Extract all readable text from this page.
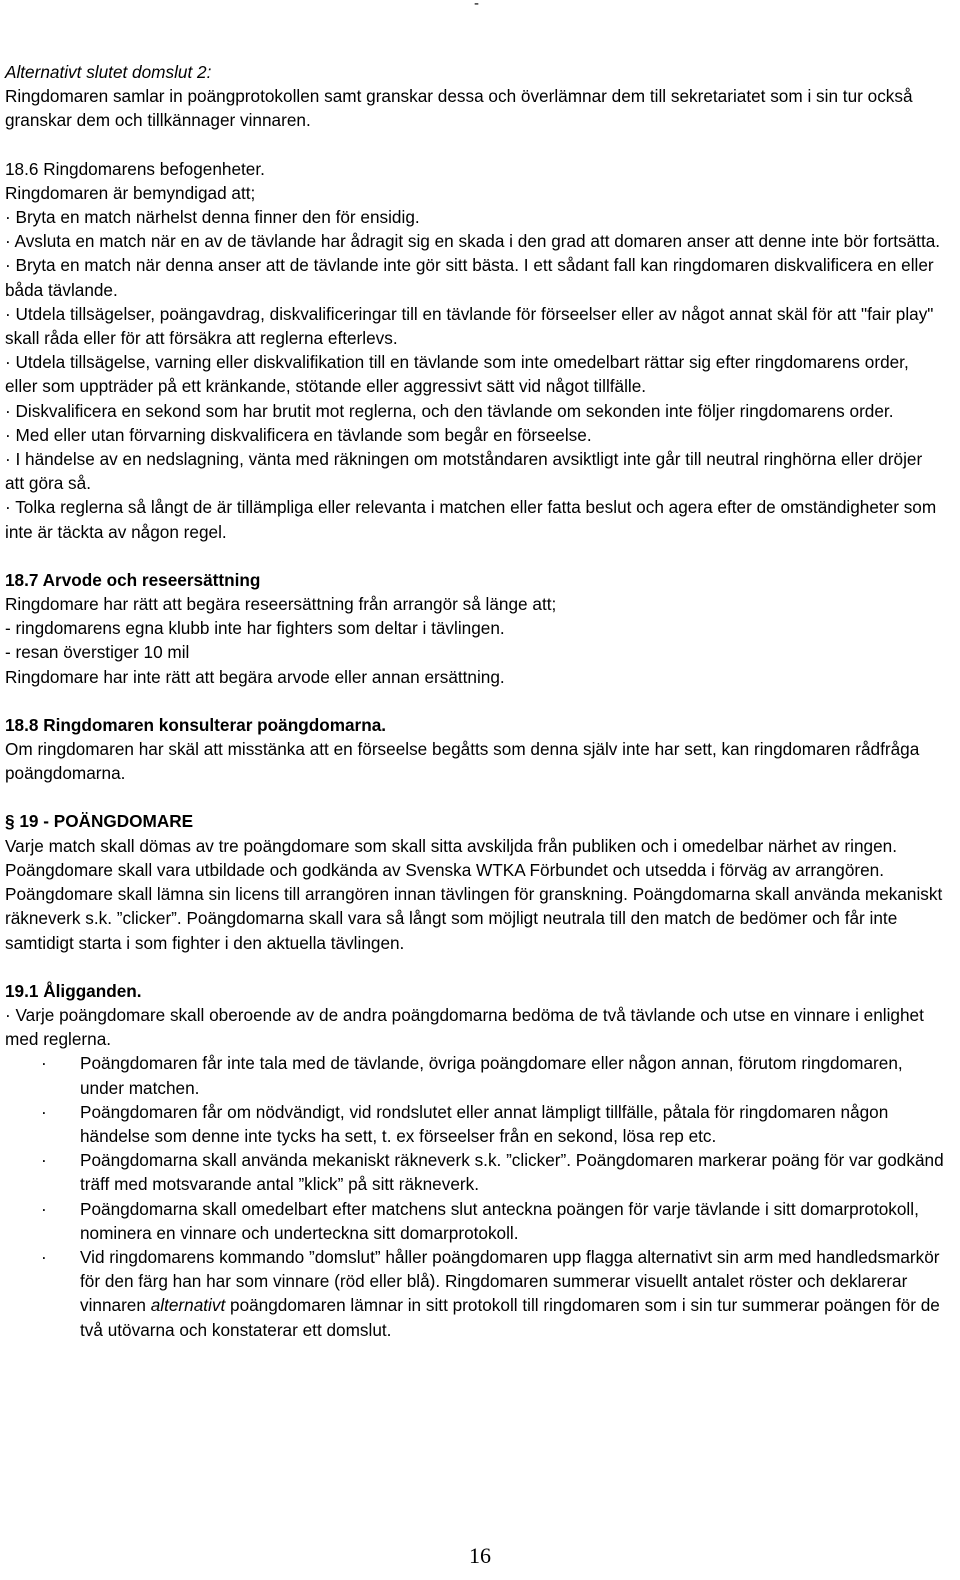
-

Alternativt slutet domslut 2:

Ringdomaren samlar in poängprotokollen samt granskar dessa och överlämnar dem till sekretariatet som i sin tur också granskar dem och tillkännager vinnaren.

18.6 Ringdomarens befogenheter.

Ringdomaren är bemyndigad att;

· Bryta en match närhelst denna finner den för ensidig.

· Avsluta en match när en av de tävlande har ådragit sig en skada i den grad att domaren anser att denne inte bör fortsätta.

· Bryta en match när denna anser att de tävlande inte gör sitt bästa. I ett sådant fall kan ringdomaren diskvalificera en eller båda tävlande.

· Utdela tillsägelser, poängavdrag, diskvalificeringar till en tävlande för förseelser eller av något annat skäl för att "fair play" skall råda eller för att försäkra att reglerna efterlevs.

· Utdela tillsägelse, varning eller diskvalifikation till en tävlande som inte omedelbart rättar sig efter ringdomarens order, eller som uppträder på ett kränkande, stötande eller aggressivt sätt vid något tillfälle.

· Diskvalificera en sekond som har brutit mot reglerna, och den tävlande om sekonden inte följer ringdomarens order.

· Med eller utan förvarning diskvalificera en tävlande som begår en förseelse.

· I händelse av en nedslagning, vänta med räkningen om motståndaren avsiktligt inte går till neutral ringhörna eller dröjer att göra så.

· Tolka reglerna så långt de är tillämpliga eller relevanta i matchen eller fatta beslut och agera efter de omständigheter som inte är täckta av någon regel.

18.7 Arvode och reseersättning

Ringdomare har rätt att begära reseersättning från arrangör så länge att;

- ringdomarens egna klubb inte har fighters som deltar i tävlingen.

- resan överstiger 10 mil

Ringdomare har inte rätt att begära arvode eller annan ersättning.

18.8 Ringdomaren konsulterar poängdomarna.

Om ringdomaren har skäl att misstänka att en förseelse begåtts som denna själv inte har sett, kan ringdomaren rådfråga poängdomarna.

§ 19 - POÄNGDOMARE

Varje match skall dömas av tre poängdomare som skall sitta avskiljda från publiken och i omedelbar närhet av ringen. Poängdomare skall vara utbildade och godkända av Svenska WTKA Förbundet och utsedda i förväg av arrangören. Poängdomare skall lämna sin licens till arrangören innan tävlingen för granskning. Poängdomarna skall använda mekaniskt räkneverk s.k. ”clicker”. Poängdomarna skall vara så långt som möjligt neutrala till den match de bedömer och får inte samtidigt starta i som fighter i den aktuella tävlingen.

19.1 Åligganden.

· Varje poängdomare skall oberoende av de andra poängdomarna bedöma de två tävlande och utse en vinnare i enlighet med reglerna.

· Poängdomaren får inte tala med de tävlande, övriga poängdomare eller någon annan, förutom ringdomaren, under matchen.
· Poängdomaren får om nödvändigt, vid rondslutet eller annat lämpligt tillfälle, påtala för ringdomaren någon händelse som denne inte tycks ha sett, t. ex förseelser från en sekond, lösa rep etc.
· Poängdomarna skall använda mekaniskt räkneverk s.k. ”clicker”. Poängdomaren markerar poäng för var godkänd träff med motsvarande antal ”klick” på sitt räkneverk.
· Poängdomarna skall omedelbart efter matchens slut anteckna poängen för varje tävlande i sitt domarprotokoll, nominera en vinnare och underteckna sitt domarprotokoll.
· Vid ringdomarens kommando ”domslut” håller poängdomaren upp flagga alternativt sin arm med handledsmarkör för den färg han har som vinnare (röd eller blå). Ringdomaren summerar visuellt antalet röster och deklarerar vinnaren alternativt poängdomaren lämnar in sitt protokoll till ringdomaren som i sin tur summerar poängen för de två utövarna och konstaterar ett domslut.
16
